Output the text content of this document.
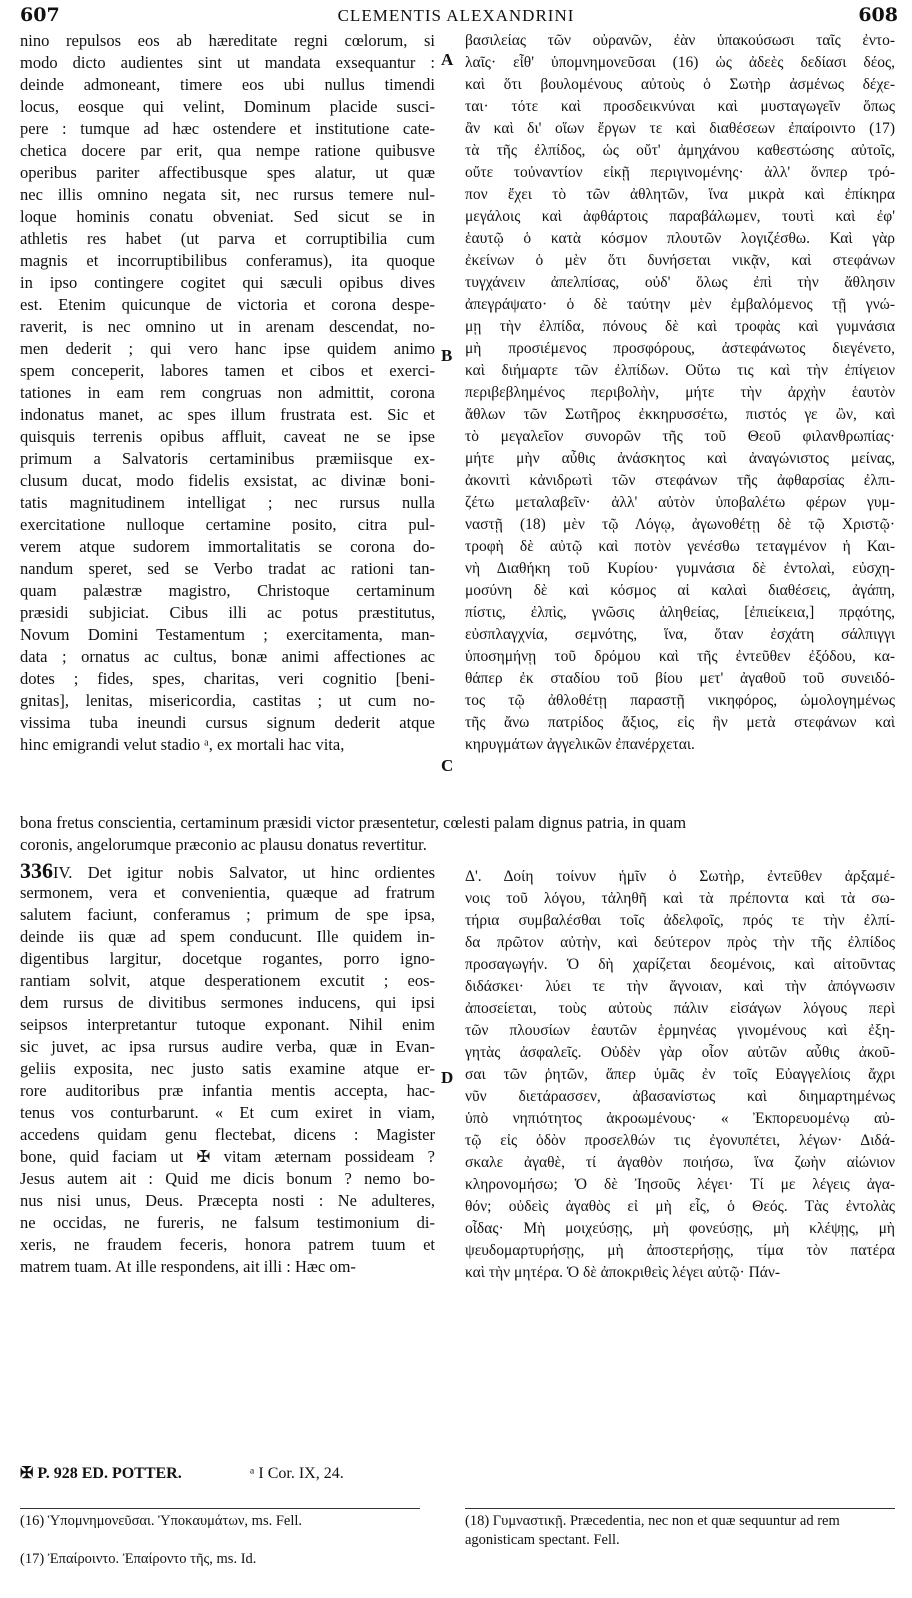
607	CLEMENTIS ALEXANDRINI	608
nino repulsos eos ab hæreditate regni cœlorum, si
modo dicto audientes sint ut mandata exsequantur :
deinde admoneant, timere eos ubi nullus timendi
locus, eosque qui velint, Dominum placide susci-
pere : tumque ad hæc ostendere et institutione cate-
chetica docere par erit, qua nempe ratione quibusve
operibus pariter affectibusque spes alatur, ut quæ
nec illis omnino negata sit, nec rursus temere nul-
loque hominis conatu obveniat. Sed sicut se in
athletis res habet (ut parva et corruptibilia cum
magnis et incorruptibilibus conferamus), ita quoque
in ipso contingere cogitet qui sæculi opibus dives
est. Etenim quicunque de victoria et corona despe-
raverit, is nec omnino ut in arenam descendat, no-
men dederit ; qui vero hanc ipse quidem animo
spem conceperit, labores tamen et cibos et exerci-
tationes in eam rem congruas non admittit, corona
indonatus manet, ac spes illum frustrata est. Sic et
quisquis terrenis opibus affluit, caveat ne se ipse
primum a Salvatoris certaminibus præmiisque ex-
clusum ducat, modo fidelis exsistat, ac divinæ boni-
tatis magnitudinem intelligat ; nec rursus nulla
exercitatione nulloque certamine posito, citra pul-
verem atque sudorem immortalitatis se corona do-
nandum speret, sed se Verbo tradat ac rationi tan-
quam palæstræ magistro, Christoque certaminum
præsidi subjiciat. Cibus illi ac potus præstitutus,
Novum Domini Testamentum ; exercitamenta, man-
data ; ornatus ac cultus, bonæ animi affectiones ac
dotes ; fides, spes, charitas, veri cognitio [beni-
gnitas], lenitas, misericordia, castitas ; ut cum no-
vissima tuba ineundi cursus signum dederit atque
hinc emigrandi velut stadio ᵃ, ex mortali hac vita,
βασιλείας τῶν οὐρανῶν, ἐὰν ὑπακούσωσι ταῖς ἐντο-
λαῖς· εἶθ' ὑπομνημονεῦσαι (16) ὡς ἀδεὲς δεδίασι δέος,
καὶ ὅτι βουλομένους αὐτοὺς ὁ Σωτὴρ ἀσμένως δέχε-
ται· τότε καὶ προσδεικνύναι καὶ μυσταγωγεῖν ὅπως
ἂν καὶ δι' οἵων ἔργων τε καὶ διαθέσεων ἐπαίροιντο (17)
τὰ τῆς ἐλπίδος, ὡς οὔτ' ἀμηχάνου καθεστώσης αὐτοῖς,
οὔτε τοὐναντίον εἰκῇ περιγινομένης· ἀλλ' ὅνπερ τρό-
πον ἔχει τὸ τῶν ἀθλητῶν, ἵνα μικρὰ καὶ ἐπίκηρα
μεγάλοις καὶ ἀφθάρτοις παραβάλωμεν, τουτὶ καὶ ἐφ'
ἑαυτῷ ὁ κατὰ κόσμον πλουτῶν λογιζέσθω. Καὶ γὰρ
ἐκείνων ὁ μὲν ὅτι δυνήσεται νικᾷν, καὶ στεφάνων
τυγχάνειν ἀπελπίσας, οὐδ' ὅλως ἐπὶ τὴν ἄθλησιν
ἀπεγράψατο· ὁ δὲ ταύτην μὲν ἐμβαλόμενος τῇ γνώ-
μῃ τὴν ἐλπίδα, πόνους δὲ καὶ τροφὰς καὶ γυμνάσια
μὴ προσιέμενος προσφόρους, ἀστεφάνωτος διεγένετο,
καὶ διήμαρτε τῶν ἐλπίδων. Οὕτω τις καὶ τὴν ἐπίγειον
περιβεβλημένος περιβολὴν, μήτε τὴν ἀρχὴν ἑαυτὸν
ἄθλων τῶν Σωτῆρος ἐκκηρυσσέτω, πιστός γε ὢν, καὶ
τὸ μεγαλεῖον συνορῶν τῆς τοῦ Θεοῦ φιλανθρωπίας·
μήτε μὴν αὖθις ἀνάσκητος καὶ ἀναγώνιστος μείνας,
ἀκονιτὶ κἀνιδρωτὶ τῶν στεφάνων τῆς ἀφθαρσίας ἐλπι-
ζέτω μεταλαβεῖν· ἀλλ' αὐτὸν ὑποβαλέτω φέρων γυμ-
ναστῇ (18) μὲν τῷ Λόγῳ, ἀγωνοθέτῃ δὲ τῷ Χριστῷ·
τροφὴ δὲ αὐτῷ καὶ ποτὸν γενέσθω τεταγμένον ἡ Και-
νὴ Διαθήκη τοῦ Κυρίου· γυμνάσια δὲ ἐντολαὶ, εὐσχη-
μοσύνη δὲ καὶ κόσμος αἱ καλαὶ διαθέσεις, ἀγάπη,
πίστις, ἐλπὶς, γνῶσις ἀληθείας, [ἐπιείκεια,] πρᾳότης,
εὐσπλαγχνία, σεμνότης, ἵνα, ὅταν ἐσχάτη σάλπιγγι
ὑποσημήνῃ τοῦ δρόμου καὶ τῆς ἐντεῦθεν ἐξόδου, κα-
θάπερ ἐκ σταδίου τοῦ βίου μετ' ἀγαθοῦ τοῦ συνειδό-
τος τῷ ἀθλοθέτῃ παραστῇ νικηφόρος, ὡμολογημένως
τῆς ἄνω πατρίδος ἄξιος, εἰς ἣν μετὰ στεφάνων καὶ
κηρυγμάτων ἀγγελικῶν ἐπανέρχεται.
A
B
C
D
bona fretus conscientia, certaminum præsidi victor præsentetur, cœlesti palam dignus patria, in quam
coronis, angelorumque præconio ac plausu donatus revertitur.
336IV. Det igitur nobis Salvator, ut hinc ordientes
sermonem, vera et convenientia, quæque ad fratrum
salutem faciunt, conferamus ; primum de spe ipsa,
deinde iis quæ ad spem conducunt. Ille quidem in-
digentibus largitur, docetque rogantes, porro igno-
rantiam solvit, atque desperationem excutit ; eos-
dem rursus de divitibus sermones inducens, qui ipsi
seipsos interpretantur tutoque exponant. Nihil enim
sic juvet, ac ipsa rursus audire verba, quæ in Evan-
geliis exposita, nec justo satis examine atque er-
rore auditoribus præ infantia mentis accepta, hac-
tenus vos conturbarunt. « Et cum exiret in viam,
accedens quidam genu flectebat, dicens : Magister
bone, quid faciam ut ✠ vitam æternam possideam ?
Jesus autem ait : Quid me dicis bonum ? nemo bo-
nus nisi unus, Deus. Præcepta nosti : Ne adulteres,
ne occidas, ne fureris, ne falsum testimonium di-
xeris, ne fraudem feceris, honora patrem tuum et
matrem tuam. At ille respondens, ait illi : Hæc om-
Δ'. Δοίη τοίνυν ἡμῖν ὁ Σωτὴρ, ἐντεῦθεν ἀρξαμέ-
νοις τοῦ λόγου, τἀληθῆ καὶ τὰ πρέποντα καὶ τὰ σω-
τήρια συμβαλέσθαι τοῖς ἀδελφοῖς, πρός τε τὴν ἐλπί-
δα πρῶτον αὐτὴν, καὶ δεύτερον πρὸς τὴν τῆς ἐλπίδος
προσαγωγήν. Ὁ δὴ χαρίζεται δεομένοις, καὶ αἰτοῦντας
διδάσκει· λύει τε τὴν ἄγνοιαν, καὶ τὴν ἀπόγνωσιν
ἀποσείεται, τοὺς αὐτοὺς πάλιν εἰσάγων λόγους περὶ
τῶν πλουσίων ἑαυτῶν ἑρμηνέας γινομένους καὶ ἐξη-
γητὰς ἀσφαλεῖς. Οὐδὲν γὰρ οἷον αὐτῶν αὖθις ἀκοῦ-
σαι τῶν ῥητῶν, ἅπερ ὑμᾶς ἐν τοῖς Εὐαγγελίοις ἄχρι
νῦν διετάρασσεν, ἀβασανίστως καὶ διημαρτημένως
ὑπὸ νηπιότητος ἀκροωμένους· « Ἐκπορευομένῳ αὐ-
τῷ εἰς ὁδὸν προσελθών τις ἐγονυπέτει, λέγων· Διδά-
σκαλε ἀγαθὲ, τί ἀγαθὸν ποιήσω, ἵνα ζωὴν αἰώνιον
κληρονομήσω; Ὁ δὲ Ἰησοῦς λέγει· Τί με λέγεις ἀγα-
θόν; οὐδεὶς ἀγαθὸς εἰ μὴ εἷς, ὁ Θεός. Τὰς ἐντολὰς
οἶδας· Μὴ μοιχεύσῃς, μὴ φονεύσῃς, μὴ κλέψῃς, μὴ
ψευδομαρτυρήσῃς, μὴ ἀποστερήσῃς, τίμα τὸν πατέρα
καὶ τὴν μητέρα. Ὁ δὲ ἀποκριθεὶς λέγει αὐτῷ· Πάν-
✠ P. 928 ED. POTTER.	ᵃ I Cor. IX, 24.
(16) Ὑπομνημονεῦσαι. Ὑποκαυμάτων, ms. Fell.
(17) Ἐπαίροιντο. Ἐπαίροντο τῆς, ms. Id.
(18) Γυμναστικῇ. Præcedentia, nec non et quæ sequuntur ad rem agonisticam spectant. Fell.
